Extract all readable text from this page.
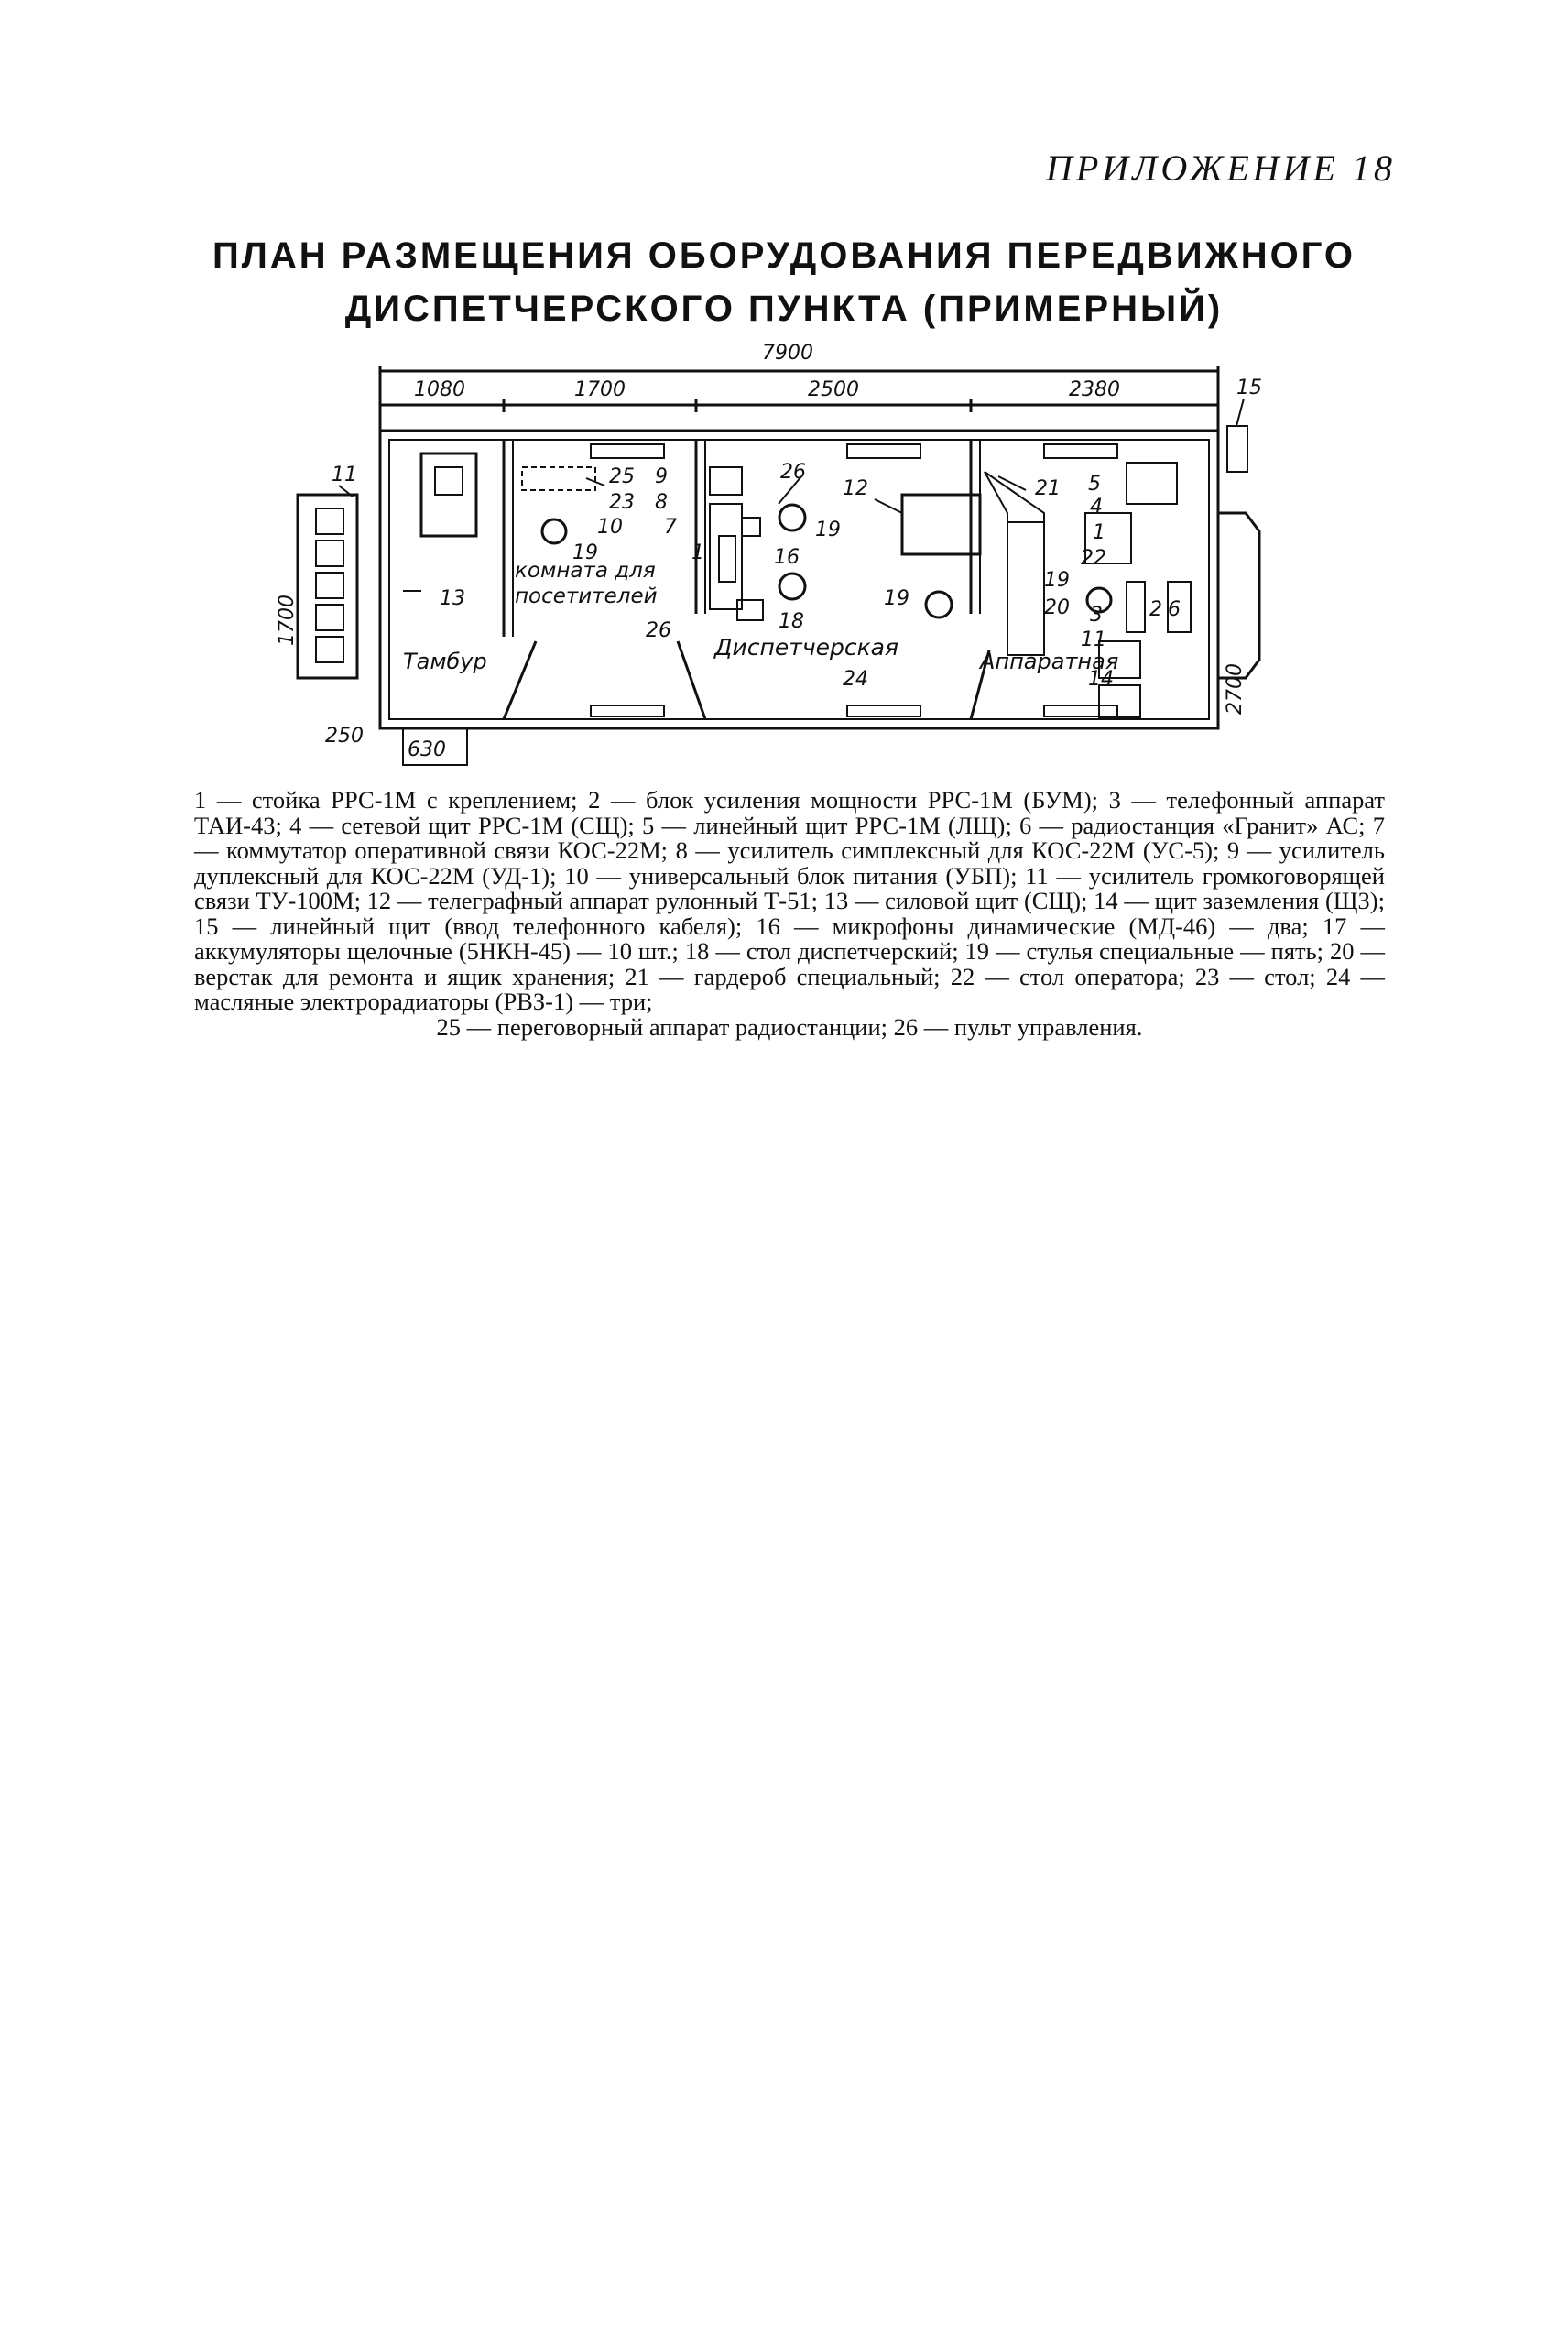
ПРИЛОЖЕНИЕ 18
ПЛАН РАЗМЕЩЕНИЯ ОБОРУДОВАНИЯ ПЕРЕДВИЖНОГО
ДИСПЕТЧЕРСКОГО ПУНКТА (ПРИМЕРНЫЙ)
7900
1080	1700	2500	2380
1700
2700
250
630
Тамбур
комната для
посетителей
Диспетчерская
Аппаратная
11
13
25
23
10
19
9
8
7
1
26
26
19
16
18
12
19
24
21
19
20
5
4
1
22
3 2 6
11
14
15

1 — стойка РРС-1М с креплением; 2 — блок усиления мощности РРС-1М (БУМ); 3 — телефонный аппарат ТАИ-43; 4 — сетевой щит РРС-1М (СЩ); 5 — линейный щит РРС-1М (ЛЩ); 6 — радиостанция «Гранит» АС; 7 — коммутатор оперативной связи КОС-22М; 8 — усилитель симплексный для КОС-22М (УС-5); 9 — усилитель дуплексный для КОС-22М (УД-1); 10 — универсальный блок питания (УБП); 11 — усилитель громкоговорящей связи ТУ-100М; 12 — телеграфный аппарат рулонный Т-51; 13 — силовой щит (СЩ); 14 — щит заземления (ЩЗ); 15 — линейный щит (ввод телефонного кабеля); 16 — микрофоны динамические (МД-46) — два; 17 — аккумуляторы щелочные (5НКН-45) — 10 шт.; 18 — стол диспетчерский; 19 — стулья специальные — пять; 20 — верстак для ремонта и ящик хранения; 21 — гардероб специальный; 22 — стол оператора; 23 — стол; 24 — масляные электрорадиаторы (РВЗ-1) — три;

25 — переговорный аппарат радиостанции; 26 — пульт управления.
